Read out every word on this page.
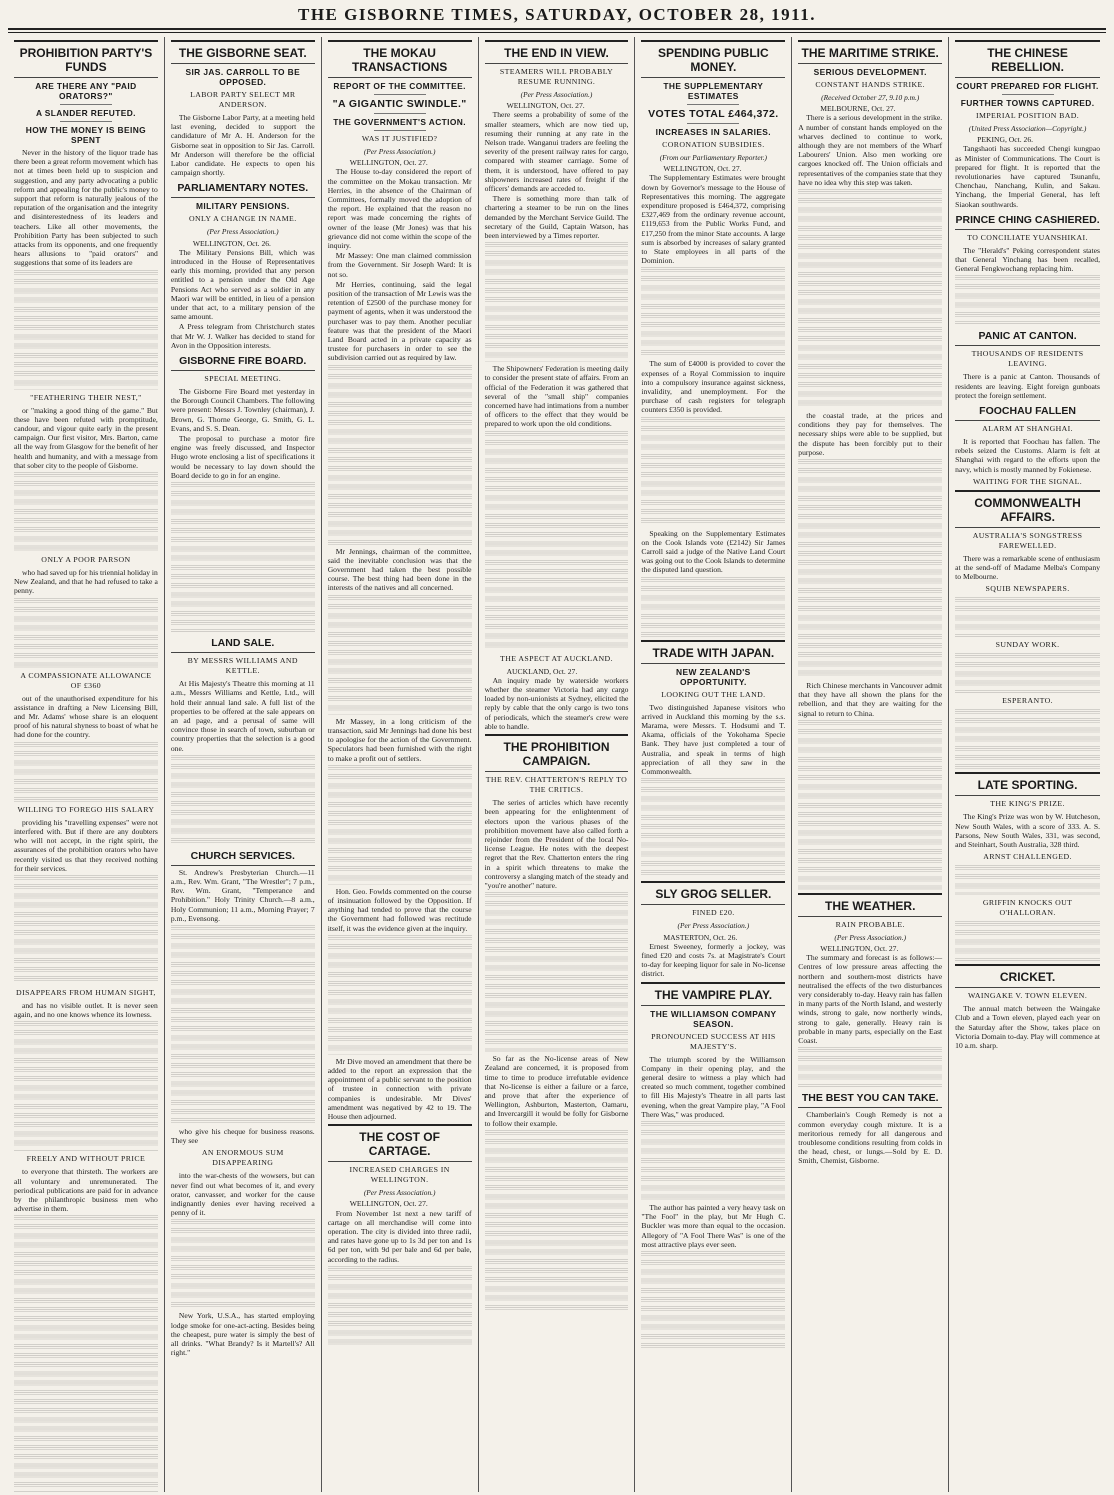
THE GISBORNE TIMES, SATURDAY, OCTOBER 28, 1911.
PROHIBITION PARTY'S FUNDS
ARE THERE ANY "PAID ORATORS?"
A SLANDER REFUTED.
HOW THE MONEY IS BEING SPENT

Never in the history of the liquor trade has there been a great reform movement which has not at times been held up to suspicion and suggestion, and any party advocating a public reform and appealing for the public's money to support that reform is naturally jealous of the reputation of the organisation and the integrity and disinterestedness of its leaders and teachers. Like all other movements, the Prohibition Party has been subjected to such attacks from its opponents, and one frequently hears allusions to "paid orators" and suggestions that some of its leaders are

"FEATHERING THEIR NEST,"

or "making a good thing of the game." But these have been refuted with promptitude, candour, and vigour quite early in the present campaign. Our first visitor, Mrs. Barton, came all the way from Glasgow for the benefit of her health and humanity, and with a message from that sober city to the people of Gisborne.

ONLY A POOR PARSON

who had saved up for his triennial holiday in New Zealand, and that he had refused to take a penny.

A COMPASSIONATE ALLOWANCE OF £360

out of the unauthorised expenditure for his assistance in drafting a New Licensing Bill, and Mr. Adams' whose share is an eloquent proof of his natural shyness to boast of what he had done for the country.

WILLING TO FOREGO HIS SALARY

providing his "travelling expenses" were not interfered with. But if there are any doubters who will not accept, in the right spirit, the assurances of the prohibition orators who have recently visited us that they received nothing for their services.

DISAPPEARS FROM HUMAN SIGHT,

and has no visible outlet. It is never seen again, and no one knows whence its lowness.

FREELY AND WITHOUT PRICE

to everyone that thirsteth. The workers are all voluntary and unremunerated. The periodical publications are paid for in advance by the philanthropic business men who advertise in them.

THE GISBORNE SEAT.
SIR JAS. CARROLL TO BE OPPOSED.
LABOR PARTY SELECT MR ANDERSON.

The Gisborne Labor Party, at a meeting held last evening, decided to support the candidature of Mr A. H. Anderson for the Gisborne seat in opposition to Sir Jas. Carroll. Mr Anderson will therefore be the official Labor candidate. He expects to open his campaign shortly.

PARLIAMENTARY NOTES.
MILITARY PENSIONS.
ONLY A CHANGE IN NAME.
(Per Press Association.)
WELLINGTON, Oct. 26.

The Military Pensions Bill, which was introduced in the House of Representatives early this morning, provided that any person entitled to a pension under the Old Age Pensions Act who served as a soldier in any Maori war will be entitled, in lieu of a pension under that act, to a military pension of the same amount.

A Press telegram from Christchurch states that Mr W. J. Walker has decided to stand for Avon in the Opposition interests.

GISBORNE FIRE BOARD.
SPECIAL MEETING.

The Gisborne Fire Board met yesterday in the Borough Council Chambers. The following were present: Messrs J. Townley (chairman), J. Brown, G. Thorne George, G. Smith, G. L. Evans, and S. S. Dean.

The proposal to purchase a motor fire engine was freely discussed, and Inspector Hugo wrote enclosing a list of specifications it would be necessary to lay down should the Board decide to go in for an engine.

LAND SALE.
BY MESSRS WILLIAMS AND KETTLE.

At His Majesty's Theatre this morning at 11 a.m., Messrs Williams and Kettle, Ltd., will hold their annual land sale. A full list of the properties to be offered at the sale appears on an ad page, and a perusal of same will convince those in search of town, suburban or country properties that the selection is a good one.

CHURCH SERVICES.

St. Andrew's Presbyterian Church.—11 a.m., Rev. Wm. Grant, "The Wrestler"; 7 p.m., Rev. Wm. Grant, "Temperance and Prohibition." Holy Trinity Church.—8 a.m., Holy Communion; 11 a.m., Morning Prayer; 7 p.m., Evensong.

who give his cheque for business reasons. They see

AN ENORMOUS SUM DISAPPEARING

into the war-chests of the wowsers, but can never find out what becomes of it, and every orator, canvasser, and worker for the cause indignantly denies ever having received a penny of it.

New York, U.S.A., has started employing lodge smoke for one-act-acting. Besides being the cheapest, pure water is simply the best of all drinks. "What Brandy? Is it Martell's? All right."

THE MOKAU TRANSACTIONS
REPORT OF THE COMMITTEE.
"A GIGANTIC SWINDLE."
THE GOVERNMENT'S ACTION.
WAS IT JUSTIFIED?
(Per Press Association.)
WELLINGTON, Oct. 27.

The House to-day considered the report of the committee on the Mokau transaction. Mr Herries, in the absence of the Chairman of Committees, formally moved the adoption of the report. He explained that the reason no report was made concerning the rights of owner of the lease (Mr Jones) was that his grievance did not come within the scope of the inquiry.

Mr Massey: One man claimed commission from the Government. Sir Joseph Ward: It is not so.

Mr Herries, continuing, said the legal position of the transaction of Mr Lewis was the retention of £2500 of the purchase money for payment of agents, when it was understood the purchaser was to pay them. Another peculiar feature was that the president of the Maori Land Board acted in a private capacity as trustee for purchasers in order to see the subdivision carried out as required by law.

Mr Jennings, chairman of the committee, said the inevitable conclusion was that the Government had taken the best possible course. The best thing had been done in the interests of the natives and all concerned.

Mr Massey, in a long criticism of the transaction, said Mr Jennings had done his best to apologise for the action of the Government. Speculators had been furnished with the right to make a profit out of settlers.

Hon. Geo. Fowlds commented on the course of insinuation followed by the Opposition. If anything had tended to prove that the course the Government had followed was rectitude itself, it was the evidence given at the inquiry.

Mr Dive moved an amendment that there be added to the report an expression that the appointment of a public servant to the position of trustee in connection with private companies is undesirable. Mr Dives' amendment was negatived by 42 to 19. The House then adjourned.

THE COST OF CARTAGE.
INCREASED CHARGES IN WELLINGTON.
(Per Press Association.)
WELLINGTON, Oct. 27.

From November 1st next a new tariff of cartage on all merchandise will come into operation. The city is divided into three radii, and rates have gone up to 1s 3d per ton and 1s 6d per ton, with 9d per bale and 6d per bale, according to the radius.

THE END IN VIEW.
STEAMERS WILL PROBABLY RESUME RUNNING.
(Per Press Association.)
WELLINGTON, Oct. 27.

There seems a probability of some of the smaller steamers, which are now tied up, resuming their running at any rate in the Nelson trade. Wanganui traders are feeling the severity of the present railway rates for cargo, compared with steamer carriage. Some of them, it is understood, have offered to pay shipowners increased rates of freight if the officers' demands are acceded to.

There is something more than talk of chartering a steamer to be run on the lines demanded by the Merchant Service Guild. The secretary of the Guild, Captain Watson, has been interviewed by a Times reporter.

The Shipowners' Federation is meeting daily to consider the present state of affairs. From an official of the Federation it was gathered that several of the "small ship" companies concerned have had intimations from a number of officers to the effect that they would be prepared to work upon the old conditions.

THE ASPECT AT AUCKLAND.
AUCKLAND, Oct. 27.

An inquiry made by waterside workers whether the steamer Victoria had any cargo loaded by non-unionists at Sydney, elicited the reply by cable that the only cargo is two tons of periodicals, which the steamer's crew were able to handle.

THE PROHIBITION CAMPAIGN.
THE REV. CHATTERTON'S REPLY TO THE CRITICS.

The series of articles which have recently been appearing for the enlightenment of electors upon the various phases of the prohibition movement have also called forth a rejoinder from the President of the local No-license League. He notes with the deepest regret that the Rev. Chatterton enters the ring in a spirit which threatens to make the controversy a slanging match of the steady and "you're another" nature.

So far as the No-license areas of New Zealand are concerned, it is proposed from time to time to produce irrefutable evidence that No-license is either a failure or a farce, and prove that after the experience of Wellington, Ashburton, Masterton, Oamaru, and Invercargill it would be folly for Gisborne to follow their example.

SPENDING PUBLIC MONEY.
THE SUPPLEMENTARY ESTIMATES
VOTES TOTAL £464,372.
INCREASES IN SALARIES.
CORONATION SUBSIDIES.
(From our Parliamentary Reporter.)
WELLINGTON, Oct. 27.

The Supplementary Estimates were brought down by Governor's message to the House of Representatives this morning. The aggregate expenditure proposed is £464,372, comprising £327,469 from the ordinary revenue account, £119,653 from the Public Works Fund, and £17,250 from the minor State accounts. A large sum is absorbed by increases of salary granted to State employees in all parts of the Dominion.

The sum of £4000 is provided to cover the expenses of a Royal Commission to inquire into a compulsory insurance against sickness, invalidity, and unemployment. For the purchase of cash registers for telegraph counters £350 is provided.

Speaking on the Supplementary Estimates on the Cook Islands vote (£2142) Sir James Carroll said a judge of the Native Land Court was going out to the Cook Islands to determine the disputed land question.

TRADE WITH JAPAN.
NEW ZEALAND'S OPPORTUNITY.
LOOKING OUT THE LAND.

Two distinguished Japanese visitors who arrived in Auckland this morning by the s.s. Marama, were Messrs. T. Hodsumi and T. Akama, officials of the Yokohama Specie Bank. They have just completed a tour of Australia, and speak in terms of high appreciation of all they saw in the Commonwealth.

SLY GROG SELLER.
FINED £20.
(Per Press Association.)
MASTERTON, Oct. 26.

Ernest Sweeney, formerly a jockey, was fined £20 and costs 7s. at Magistrate's Court to-day for keeping liquor for sale in No-license district.

THE VAMPIRE PLAY.
THE WILLIAMSON COMPANY SEASON.
PRONOUNCED SUCCESS AT HIS MAJESTY'S.

The triumph scored by the Williamson Company in their opening play, and the general desire to witness a play which had created so much comment, together combined to fill His Majesty's Theatre in all parts last evening, when the great Vampire play, "A Fool There Was," was produced.

The author has painted a very heavy task on "The Fool" in the play, but Mr Hugh C. Buckler was more than equal to the occasion. Allegory of "A Fool There Was" is one of the most attractive plays ever seen.

THE MARITIME STRIKE.
SERIOUS DEVELOPMENT.
CONSTANT HANDS STRIKE.
(Received October 27, 9.10 p.m.)
MELBOURNE, Oct. 27.

There is a serious development in the strike. A number of constant hands employed on the wharves declined to continue to work, although they are not members of the Wharf Labourers' Union. Also men working ore cargoes knocked off. The Union officials and representatives of the companies state that they have no idea why this step was taken.

the coastal trade, at the prices and conditions they pay for themselves. The necessary ships were able to be supplied, but the dispute has been forcibly put to their purpose.

Rich Chinese merchants in Vancouver admit that they have all shown the plans for the rebellion, and that they are waiting for the signal to return to China.

THE WEATHER.
RAIN PROBABLE.
(Per Press Association.)
WELLINGTON, Oct. 27.

The summary and forecast is as follows:—Centres of low pressure areas affecting the northern and southern-most districts have neutralised the effects of the two disturbances very considerably to-day. Heavy rain has fallen in many parts of the North Island, and westerly winds, strong to gale, now northerly winds, strong to gale, generally. Heavy rain is probable in many parts, especially on the East Coast.

THE BEST YOU CAN TAKE.

Chamberlain's Cough Remedy is not a common everyday cough mixture. It is a meritorious remedy for all dangerous and troublesome conditions resulting from colds in the head, chest, or lungs.—Sold by E. D. Smith, Chemist, Gisborne.

THE CHINESE REBELLION.
COURT PREPARED FOR FLIGHT.
FURTHER TOWNS CAPTURED.
IMPERIAL POSITION BAD.
(United Press Association—Copyright.)
PEKING, Oct. 26.

Tangshaoti has succeeded Chengi kungpao as Minister of Communications. The Court is prepared for flight. It is reported that the revolutionaries have captured Tsunanfu, Chenchau, Nanchang, Kulin, and Sakau. Yinchang, the Imperial General, has left Siaokan southwards.

PRINCE CHING CASHIERED.
TO CONCILIATE YUANSHIKAI.

The "Herald's" Peking correspondent states that General Yinchang has been recalled, General Fengkwochang replacing him.

PANIC AT CANTON.
THOUSANDS OF RESIDENTS LEAVING.

There is a panic at Canton. Thousands of residents are leaving. Eight foreign gunboats protect the foreign settlement.

FOOCHAU FALLEN
ALARM AT SHANGHAI.

It is reported that Foochau has fallen. The rebels seized the Customs. Alarm is felt at Shanghai with regard to the efforts upon the navy, which is mostly manned by Fokienese.

WAITING FOR THE SIGNAL.
COMMONWEALTH AFFAIRS.
AUSTRALIA'S SONGSTRESS FAREWELLED.

There was a remarkable scene of enthusiasm at the send-off of Madame Melba's Company to Melbourne.

SQUIB NEWSPAPERS.
SUNDAY WORK.
ESPERANTO.
LATE SPORTING.
THE KING'S PRIZE.

The King's Prize was won by W. Hutcheson, New South Wales, with a score of 333. A. S. Parsons, New South Wales, 331, was second, and Steinhart, South Australia, 328 third.

ARNST CHALLENGED.
GRIFFIN KNOCKS OUT O'HALLORAN.
CRICKET.
WAINGAKE V. TOWN ELEVEN.

The annual match between the Waingake Club and a Town eleven, played each year on the Saturday after the Show, takes place on Victoria Domain to-day. Play will commence at 10 a.m. sharp.
